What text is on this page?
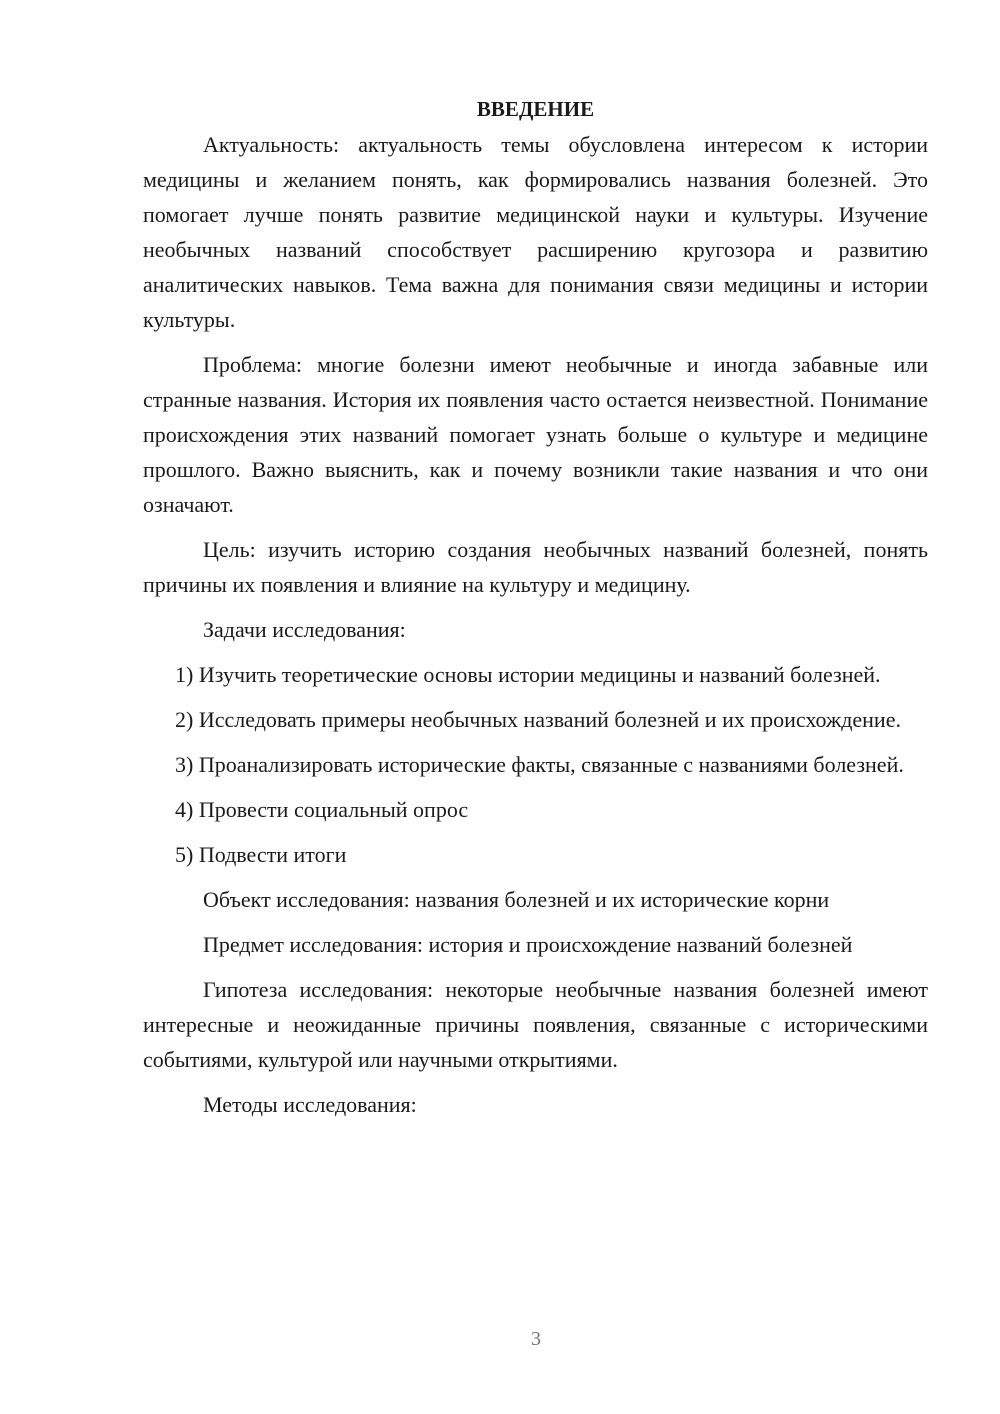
ВВЕДЕНИЕ

Актуальность: актуальность темы обусловлена интересом к истории медицины и желанием понять, как формировались названия болезней. Это помогает лучше понять развитие медицинской науки и культуры. Изучение необычных названий способствует расширению кругозора и развитию аналитических навыков. Тема важна для понимания связи медицины и истории культуры.

Проблема: многие болезни имеют необычные и иногда забавные или странные названия. История их появления часто остается неизвестной. Понимание происхождения этих названий помогает узнать больше о культуре и медицине прошлого. Важно выяснить, как и почему возникли такие названия и что они означают.

Цель: изучить историю создания необычных названий болезней, понять причины их появления и влияние на культуру и медицину.

Задачи исследования:

1) Изучить теоретические основы истории медицины и названий болезней.

2) Исследовать примеры необычных названий болезней и их происхождение.

3) Проанализировать исторические факты, связанные с названиями болезней.

4) Провести социальный опрос

5) Подвести итоги

Объект исследования: названия болезней и их исторические корни

Предмет исследования: история и происхождение названий болезней

Гипотеза исследования: некоторые необычные названия болезней имеют интересные и неожиданные причины появления, связанные с историческими событиями, культурой или научными открытиями.

Методы исследования:

3
